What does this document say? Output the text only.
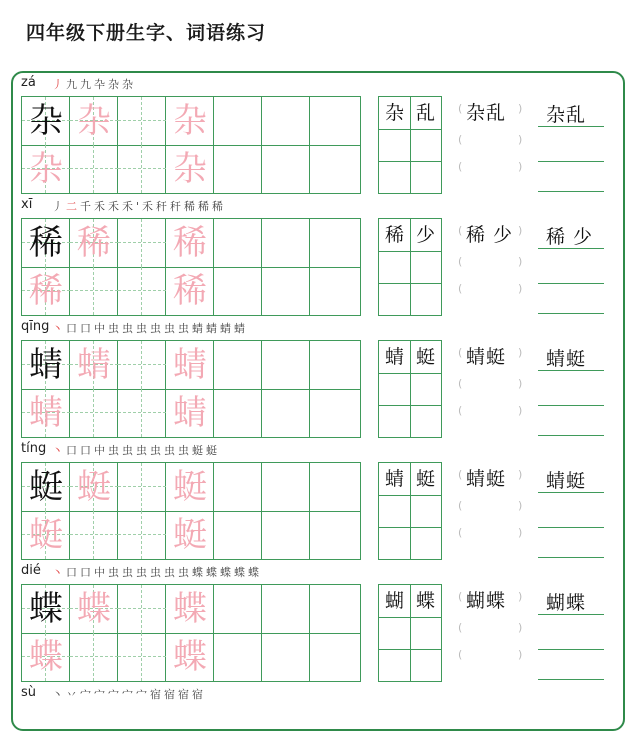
四年级下册生字、词语练习
zá 丿九九卆杂杂
杂 杂 杂
杂	杂
杂 乱	杂乱
(	)
(	)
(	)
杂乱
xī 丿二千禾禾禾'禾秆秆稀稀稀
稀 稀 稀
稀	稀
稀 少	稀 少
(	)
(	)
(	)
稀 少
qīng 丶口口中虫虫虫虫虫虫蜻蜻蜻蜻
蜻 蜻 蜻
蜻	蜻
蜻 蜓	蜻蜓
(	)
(	)
(	)
蜻蜓
tíng 丶口口中虫虫虫虫虫虫蜓蜓
蜓 蜓 蜓
蜓	蜓
蜻 蜓	蜻蜓
(	)
(	)
(	)
蜻蜓
dié 丶口口中虫虫虫虫虫虫蝶蝶蝶蝶蝶
蝶 蝶 蝶
蝶	蝶
蝴 蝶	蝴蝶
(	)
(	)
(	)
蝴蝶
sù 丶丷宀宀宀宀宀宿宿宿宿
